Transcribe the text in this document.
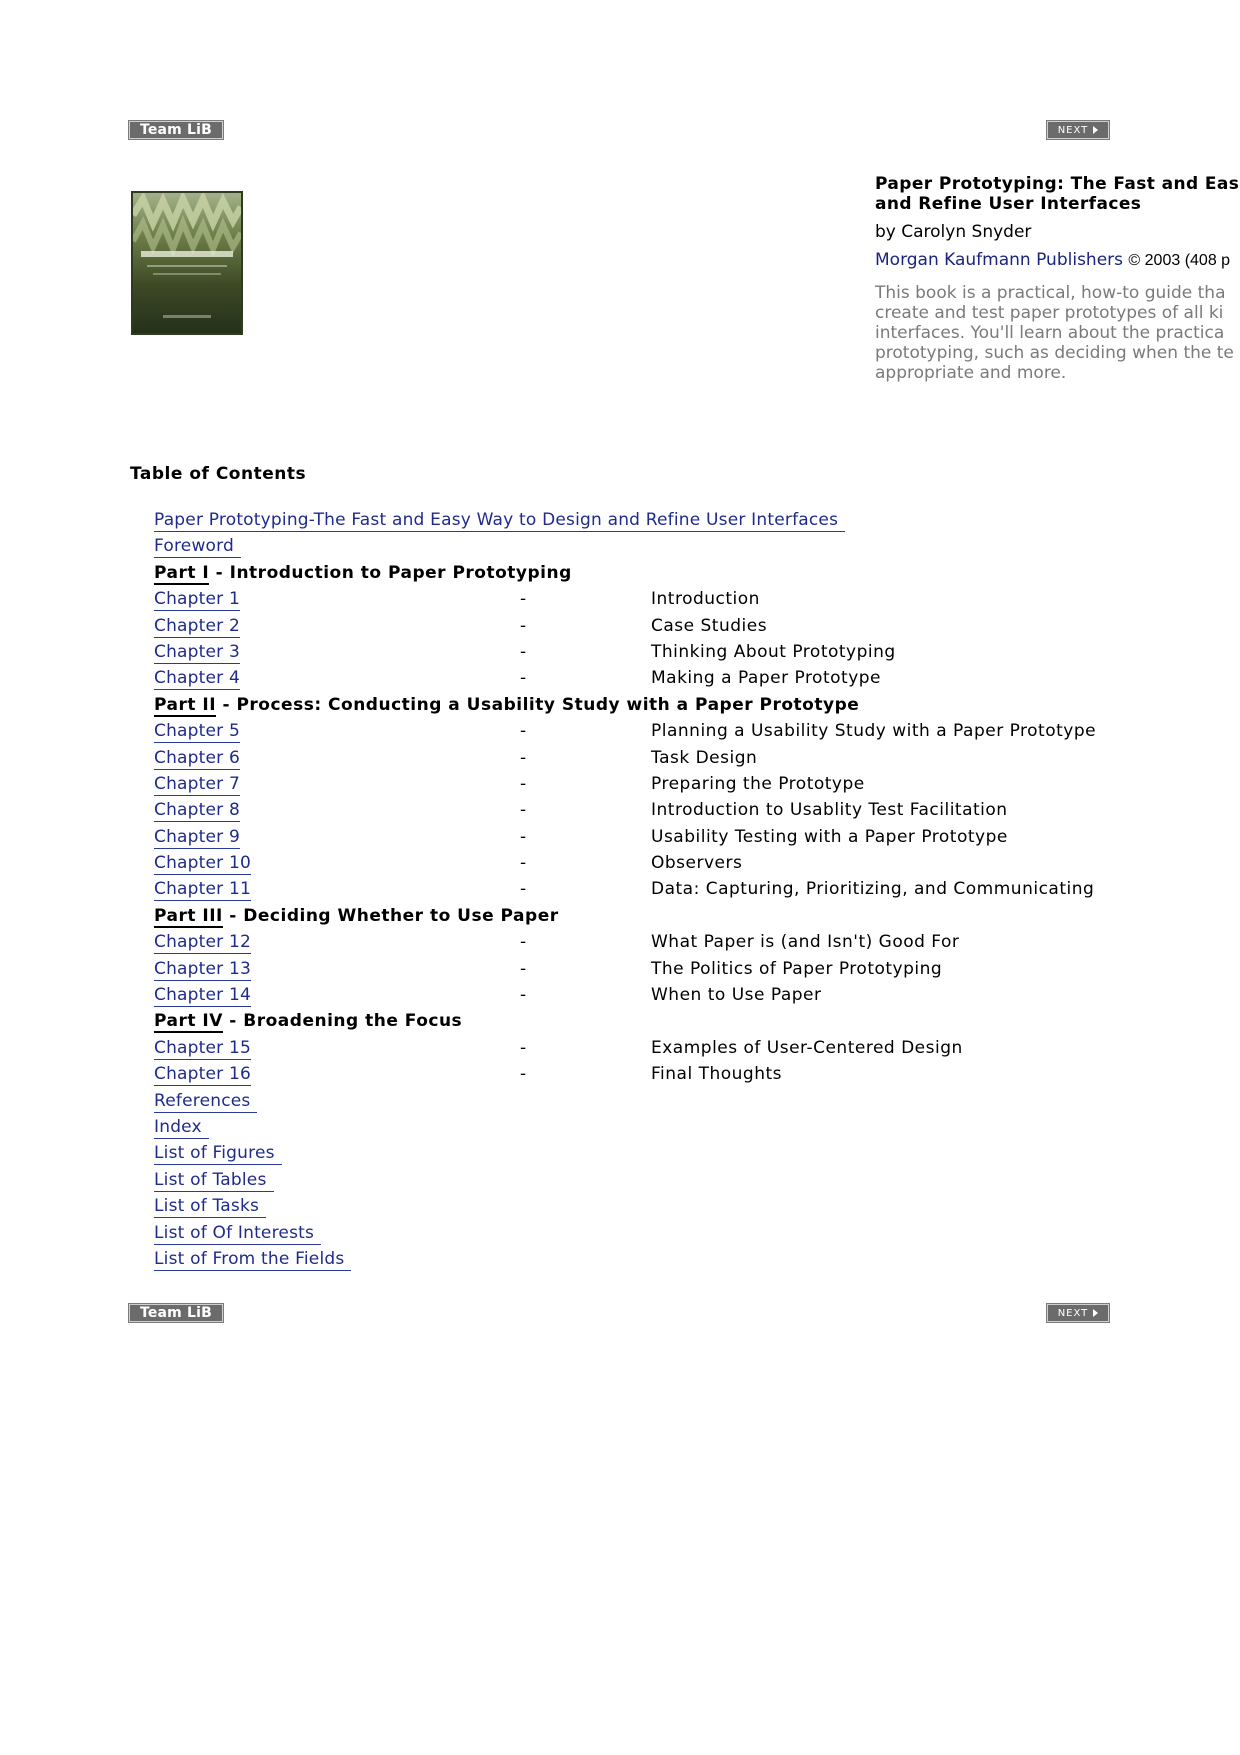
Team LiB	NEXT
Paper Prototyping: The Fast and Eas
and Refine User Interfaces
by Carolyn Snyder
Morgan Kaufmann Publishers © 2003 (408 p
This book is a practical, how-to guide tha
create and test paper prototypes of all ki
interfaces. You'll learn about the practica
prototyping, such as deciding when the te
appropriate and more.
Table of Contents
Paper Prototyping-The Fast and Easy Way to Design and Refine User Interfaces
Foreword
Part I - Introduction to Paper Prototyping
Chapter 1	-	Introduction
Chapter 2	-	Case Studies
Chapter 3	-	Thinking About Prototyping
Chapter 4	-	Making a Paper Prototype
Part II - Process: Conducting a Usability Study with a Paper Prototype
Chapter 5	-	Planning a Usability Study with a Paper Prototype
Chapter 6	-	Task Design
Chapter 7	-	Preparing the Prototype
Chapter 8	-	Introduction to Usablity Test Facilitation
Chapter 9	-	Usability Testing with a Paper Prototype
Chapter 10	-	Observers
Chapter 11	-	Data: Capturing, Prioritizing, and Communicating
Part III - Deciding Whether to Use Paper
Chapter 12	-	What Paper is (and Isn't) Good For
Chapter 13	-	The Politics of Paper Prototyping
Chapter 14	-	When to Use Paper
Part IV - Broadening the Focus
Chapter 15	-	Examples of User-Centered Design
Chapter 16	-	Final Thoughts
References
Index
List of Figures
List of Tables
List of Tasks
List of Of Interests
List of From the Fields
Team LiB	NEXT
